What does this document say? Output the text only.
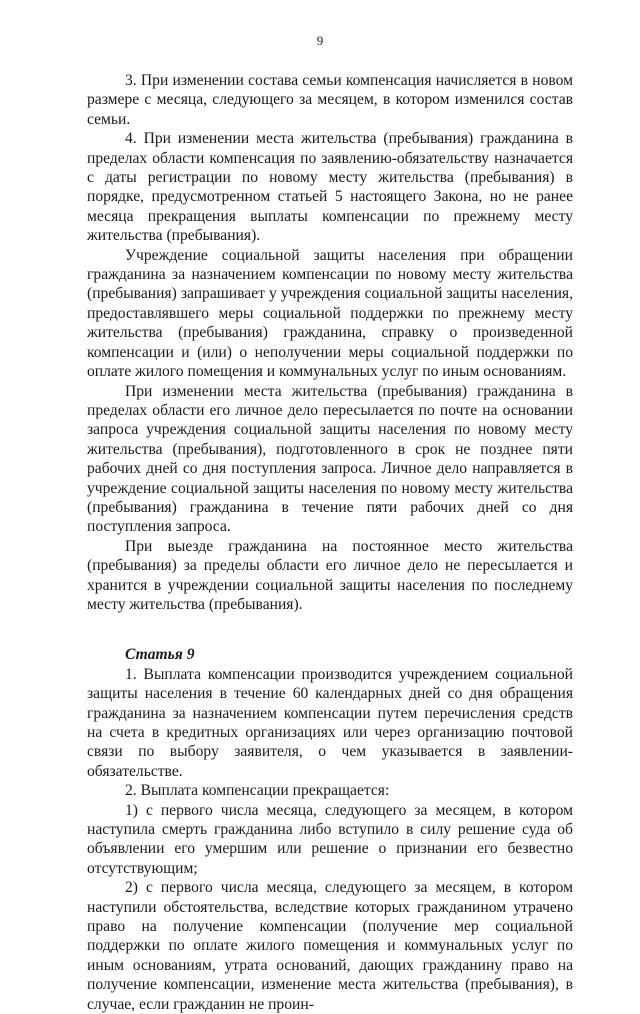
9

3. При изменении состава семьи компенсация начисляется в новом размере с месяца, следующего за месяцем, в котором изменился состав семьи.

4. При изменении места жительства (пребывания) гражданина в пределах области компенсация по заявлению-обязательству назначается с даты регистрации по новому месту жительства (пребывания) в порядке, предусмотренном статьей 5 настоящего Закона, но не ранее месяца прекращения выплаты компенсации по прежнему месту жительства (пребывания).

Учреждение социальной защиты населения при обращении гражданина за назначением компенсации по новому месту жительства (пребывания) запрашивает у учреждения социальной защиты населения, предоставлявшего меры социальной поддержки по прежнему месту жительства (пребывания) гражданина, справку о произведенной компенсации и (или) о неполучении меры социальной поддержки по оплате жилого помещения и коммунальных услуг по иным основаниям.

При изменении места жительства (пребывания) гражданина в пределах области его личное дело пересылается по почте на основании запроса учреждения социальной защиты населения по новому месту жительства (пребывания), подготовленного в срок не позднее пяти рабочих дней со дня поступления запроса. Личное дело направляется в учреждение социальной защиты населения по новому месту жительства (пребывания) гражданина в течение пяти рабочих дней со дня поступления запроса.

При выезде гражданина на постоянное место жительства (пребывания) за пределы области его личное дело не пересылается и хранится в учреждении социальной защиты населения по последнему месту жительства (пребывания).

Статья 9

1. Выплата компенсации производится учреждением социальной защиты населения в течение 60 календарных дней со дня обращения гражданина за назначением компенсации путем перечисления средств на счета в кредитных организациях или через организацию почтовой связи по выбору заявителя, о чем указывается в заявлении-обязательстве.

2. Выплата компенсации прекращается:

1) с первого числа месяца, следующего за месяцем, в котором наступила смерть гражданина либо вступило в силу решение суда об объявлении его умершим или решение о признании его безвестно отсутствующим;

2) с первого числа месяца, следующего за месяцем, в котором наступили обстоятельства, вследствие которых гражданином утрачено право на получение компенсации (получение мер социальной поддержки по оплате жилого помещения и коммунальных услуг по иным основаниям, утрата оснований, дающих гражданину право на получение компенсации, изменение места жительства (пребывания), в случае, если гражданин не проин-
